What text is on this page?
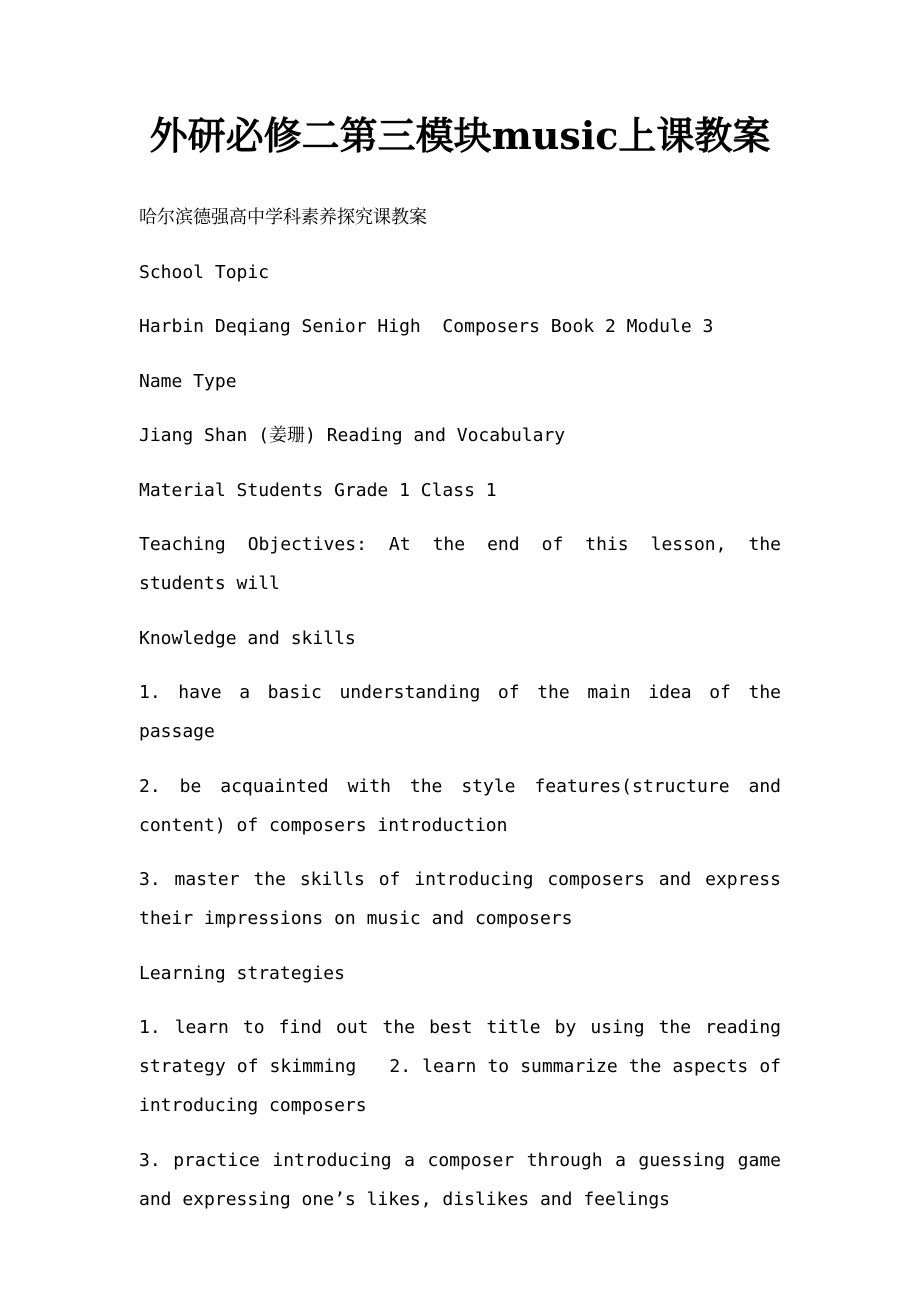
外研必修二第三模块music上课教案

哈尔滨德强高中学科素养探究课教案

School Topic

Harbin Deqiang Senior High  Composers Book 2 Module 3

Name Type

Jiang Shan (姜珊) Reading and Vocabulary

Material Students Grade 1 Class 1

Teaching Objectives: At the end of this lesson, the students will

Knowledge and skills

1. have a basic understanding of the main idea of the passage

2. be acquainted with the style features(structure and content) of composers introduction

3. master the skills of introducing composers and express their impressions on music and composers

Learning strategies

1. learn to find out the best title by using the reading strategy of skimming   2. learn to summarize the aspects of introducing composers

3. practice introducing a composer through a guessing game and expressing one’s likes, dislikes and feelings
